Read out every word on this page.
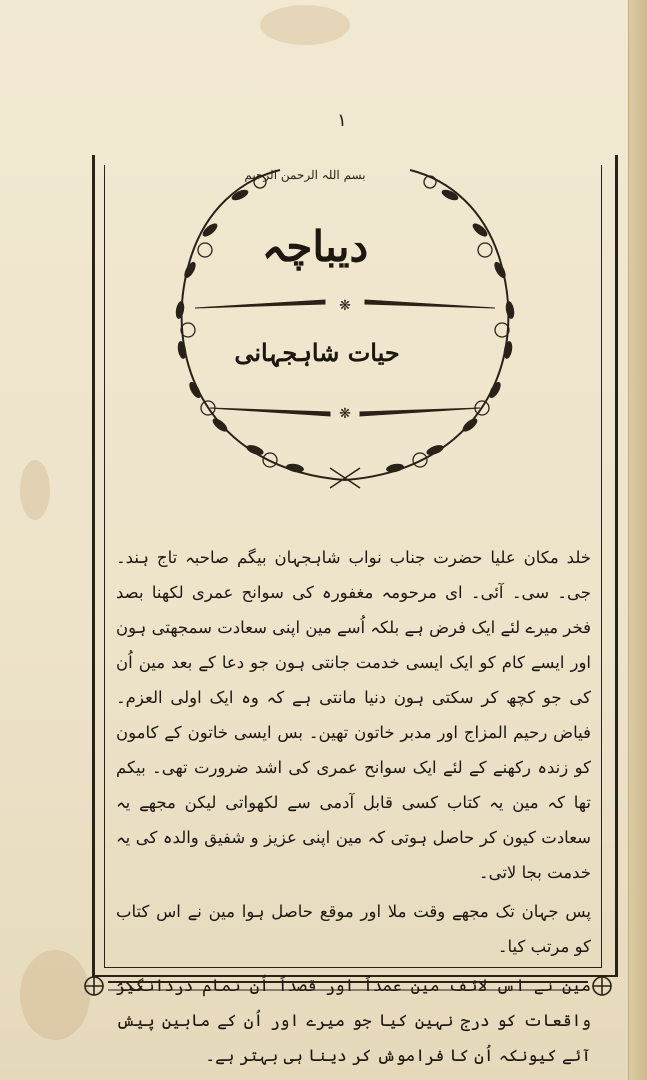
۱
❋
❋
بسم اللہ الرحمن الرحیم
دیباچہ
حیات شاہجہانی

خلد مکان علیا حضرت جناب نواب شاہجہان بیگم صاحبہ تاج ہند۔ جی۔ سی۔ آئی۔ ای مرحومہ مغفورہ کی سوانح عمری لکھنا بصد فخر میرے لئے ایک فرض ہے بلکہ اُسے مین اپنی سعادت سمجھتی ہون اور ایسے کام کو ایک ایسی خدمت جانتی ہون جو دعا کے بعد مین اُن کی جو کچھ کر سکتی ہون دنیا مانتی ہے کہ وہ ایک اولی العزم۔ فیاض رحیم المزاج اور مدبر خاتون تھین۔ بس ایسی خاتون کے کامون کو زندہ رکھنے کے لئے ایک سوانح عمری کی اشد ضرورت تھی۔ بیکم تھا کہ مین یہ کتاب کسی قابل آدمی سے لکھواتی لیکن مجھے یہ سعادت کیون کر حاصل ہوتی کہ مین اپنی عزیز و شفیق والدہ کی یہ خدمت بجا لاتی۔

پس جہان تک مجھے وقت ملا اور موقع حاصل ہوا مین نے اس کتاب کو مرتب کیا۔

مین نے اس لائف مین عمداً اور قصداً اُن تمام دردانگیز واقعات کو درج نہین کیا جو میرے اور اُن کے مابین پیش آئے کیونکہ اُن کا فراموش کر دینا ہی بہتر ہے۔
